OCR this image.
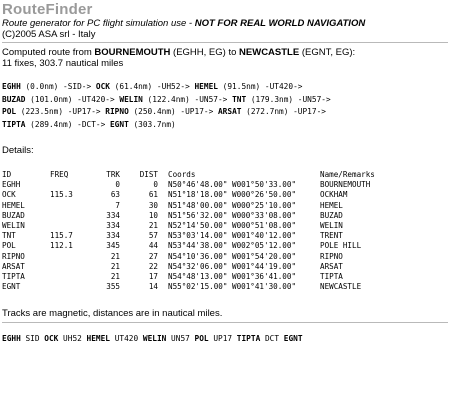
RouteFinder
Route generator for PC flight simulation use - NOT FOR REAL WORLD NAVIGATION
(C)2005 ASA srl - Italy
Computed route from BOURNEMOUTH (EGHH, EG) to NEWCASTLE (EGNT, EG):
11 fixes, 303.7 nautical miles
EGHH (0.0nm) -SID-> OCK (61.4nm) -UH52-> HEMEL (91.5nm) -UT420->
BUZAD (101.0nm) -UT420-> WELIN (122.4nm) -UN57-> TNT (179.3nm) -UN57->
POL (223.5nm) -UP17-> RIPNO (250.4nm) -UP17-> ARSAT (272.7nm) -UP17->
TIPTA (289.4nm) -DCT-> EGNT (303.7nm)
Details:
ID	FREQ	TRK	DIST		Coords	Name/Remarks
EGHH		0	0		N50°46'48.00" W001°50'33.00"	BOURNEMOUTH
OCK	115.3	63	61		N51°18'18.00" W000°26'50.00"	OCKHAM
HEMEL		7	30		N51°48'00.00" W000°25'10.00"	HEMEL
BUZAD		334	10		N51°56'32.00" W000°33'08.00"	BUZAD
WELIN		334	21		N52°14'50.00" W000°51'08.00"	WELIN
TNT	115.7	334	57		N53°03'14.00" W001°40'12.00"	TRENT
POL	112.1	345	44		N53°44'38.00" W002°05'12.00"	POLE HILL
RIPNO		21	27		N54°10'36.00" W001°54'20.00"	RIPNO
ARSAT		21	22		N54°32'06.00" W001°44'19.00"	ARSAT
TIPTA		21	17		N54°48'13.00" W001°36'41.00"	TIPTA
EGNT		355	14		N55°02'15.00" W001°41'30.00"	NEWCASTLE
Tracks are magnetic, distances are in nautical miles.
EGHH SID OCK UH52 HEMEL UT420 WELIN UN57 POL UP17 TIPTA DCT EGNT
